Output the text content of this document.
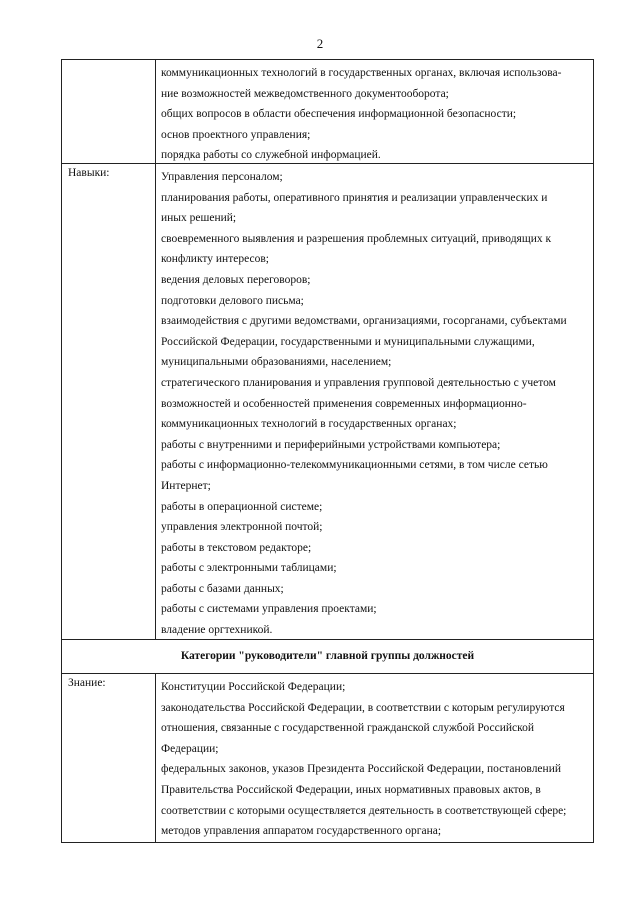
2
коммуникационных технологий в государственных органах, включая использова-
ние возможностей межведомственного документооборота;
общих вопросов в области обеспечения информационной безопасности;
основ проектного управления;
порядка работы со служебной информацией.
Навыки:	Управления персоналом;
планирования работы, оперативного принятия и реализации управленческих и
иных решений;
своевременного выявления и разрешения проблемных ситуаций, приводящих к
конфликту интересов;
ведения деловых переговоров;
подготовки делового письма;
взаимодействия с другими ведомствами, организациями, госорганами, субъектами
Российской Федерации, государственными и муниципальными служащими,
муниципальными образованиями, населением;
стратегического планирования и управления групповой деятельностью с учетом
возможностей и особенностей применения современных информационно-
коммуникационных технологий в государственных органах;
работы с внутренними и периферийными устройствами компьютера;
работы с информационно-телекоммуникационными сетями, в том числе сетью
Интернет;
работы в операционной системе;
управления электронной почтой;
работы в текстовом редакторе;
работы с электронными таблицами;
работы с базами данных;
работы с системами управления проектами;
владение оргтехникой.
Категории "руководители" главной группы должностей
Знание:	Конституции Российской Федерации;
законодательства Российской Федерации, в соответствии с которым регулируются
отношения, связанные с государственной гражданской службой Российской
Федерации;
федеральных законов, указов Президента Российской Федерации, постановлений
Правительства Российской Федерации, иных нормативных правовых актов, в
соответствии с которыми осуществляется деятельность в соответствующей сфере;
методов управления аппаратом государственного органа;
